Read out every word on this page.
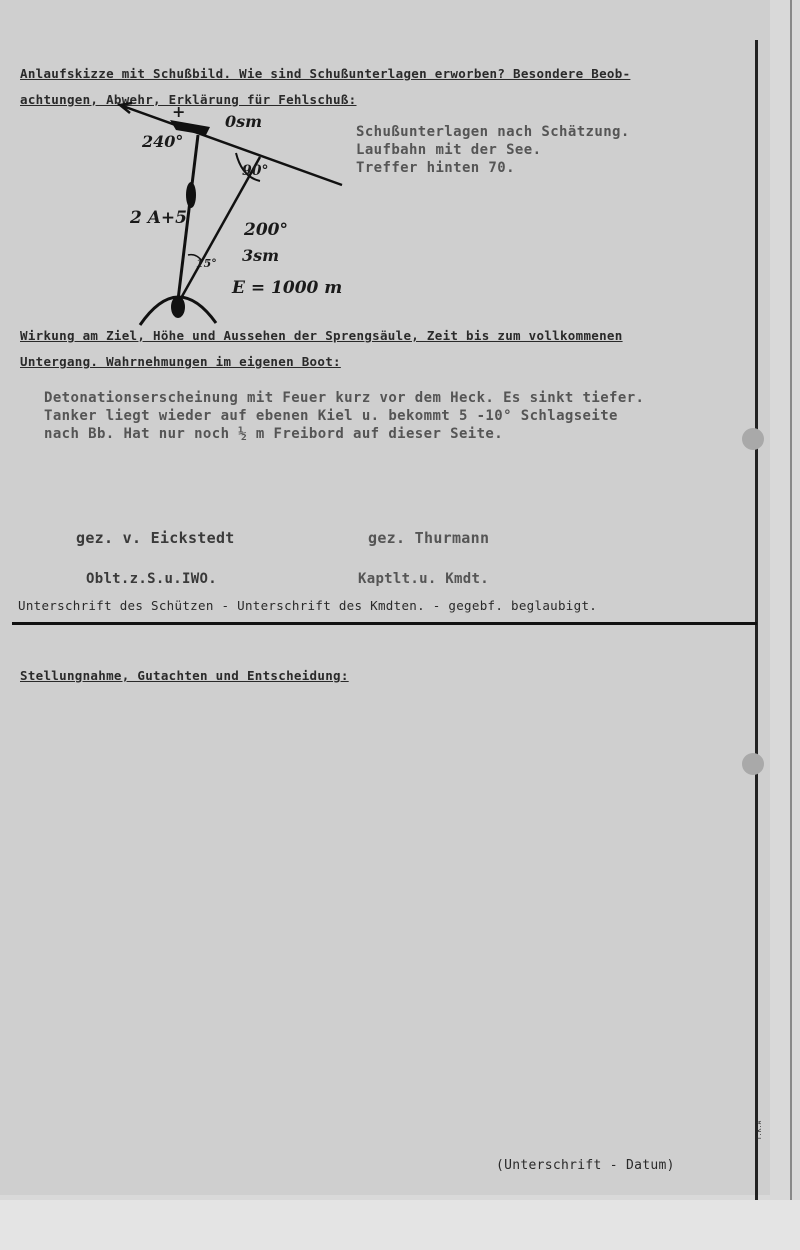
Anlaufskizze mit Schußbild. Wie sind Schußunterlagen erworben? Besondere Beob-
achtungen, Abwehr, Erklärung für Fehlschuß:
Schußunterlagen nach Schätzung.
Laufbahn mit der See.
Treffer hinten 70.
+
0sm
240°
90°
2 A+5
200°
15° 3sm
E = 1000 m
Wirkung am Ziel, Höhe und Aussehen der Sprengsäule, Zeit bis zum vollkommenen
Untergang. Wahrnehmungen im eigenen Boot:
Detonationserscheinung mit Feuer kurz vor dem Heck. Es sinkt tiefer.
Tanker liegt wieder auf ebenen Kiel u. bekommt 5 -10° Schlagseite
nach Bb. Hat nur noch ½ m Freibord auf dieser Seite.
gez. v. Eickstedt	gez. Thurmann
Oblt.z.S.u.IWO.	Kaptlt.u. Kmdt.
Unterschrift des Schützen - Unterschrift des Kmdten. - gegebf. beglaubigt.
Stellungnahme, Gutachten und Entscheidung:
(Unterschrift - Datum)
T.K.A
